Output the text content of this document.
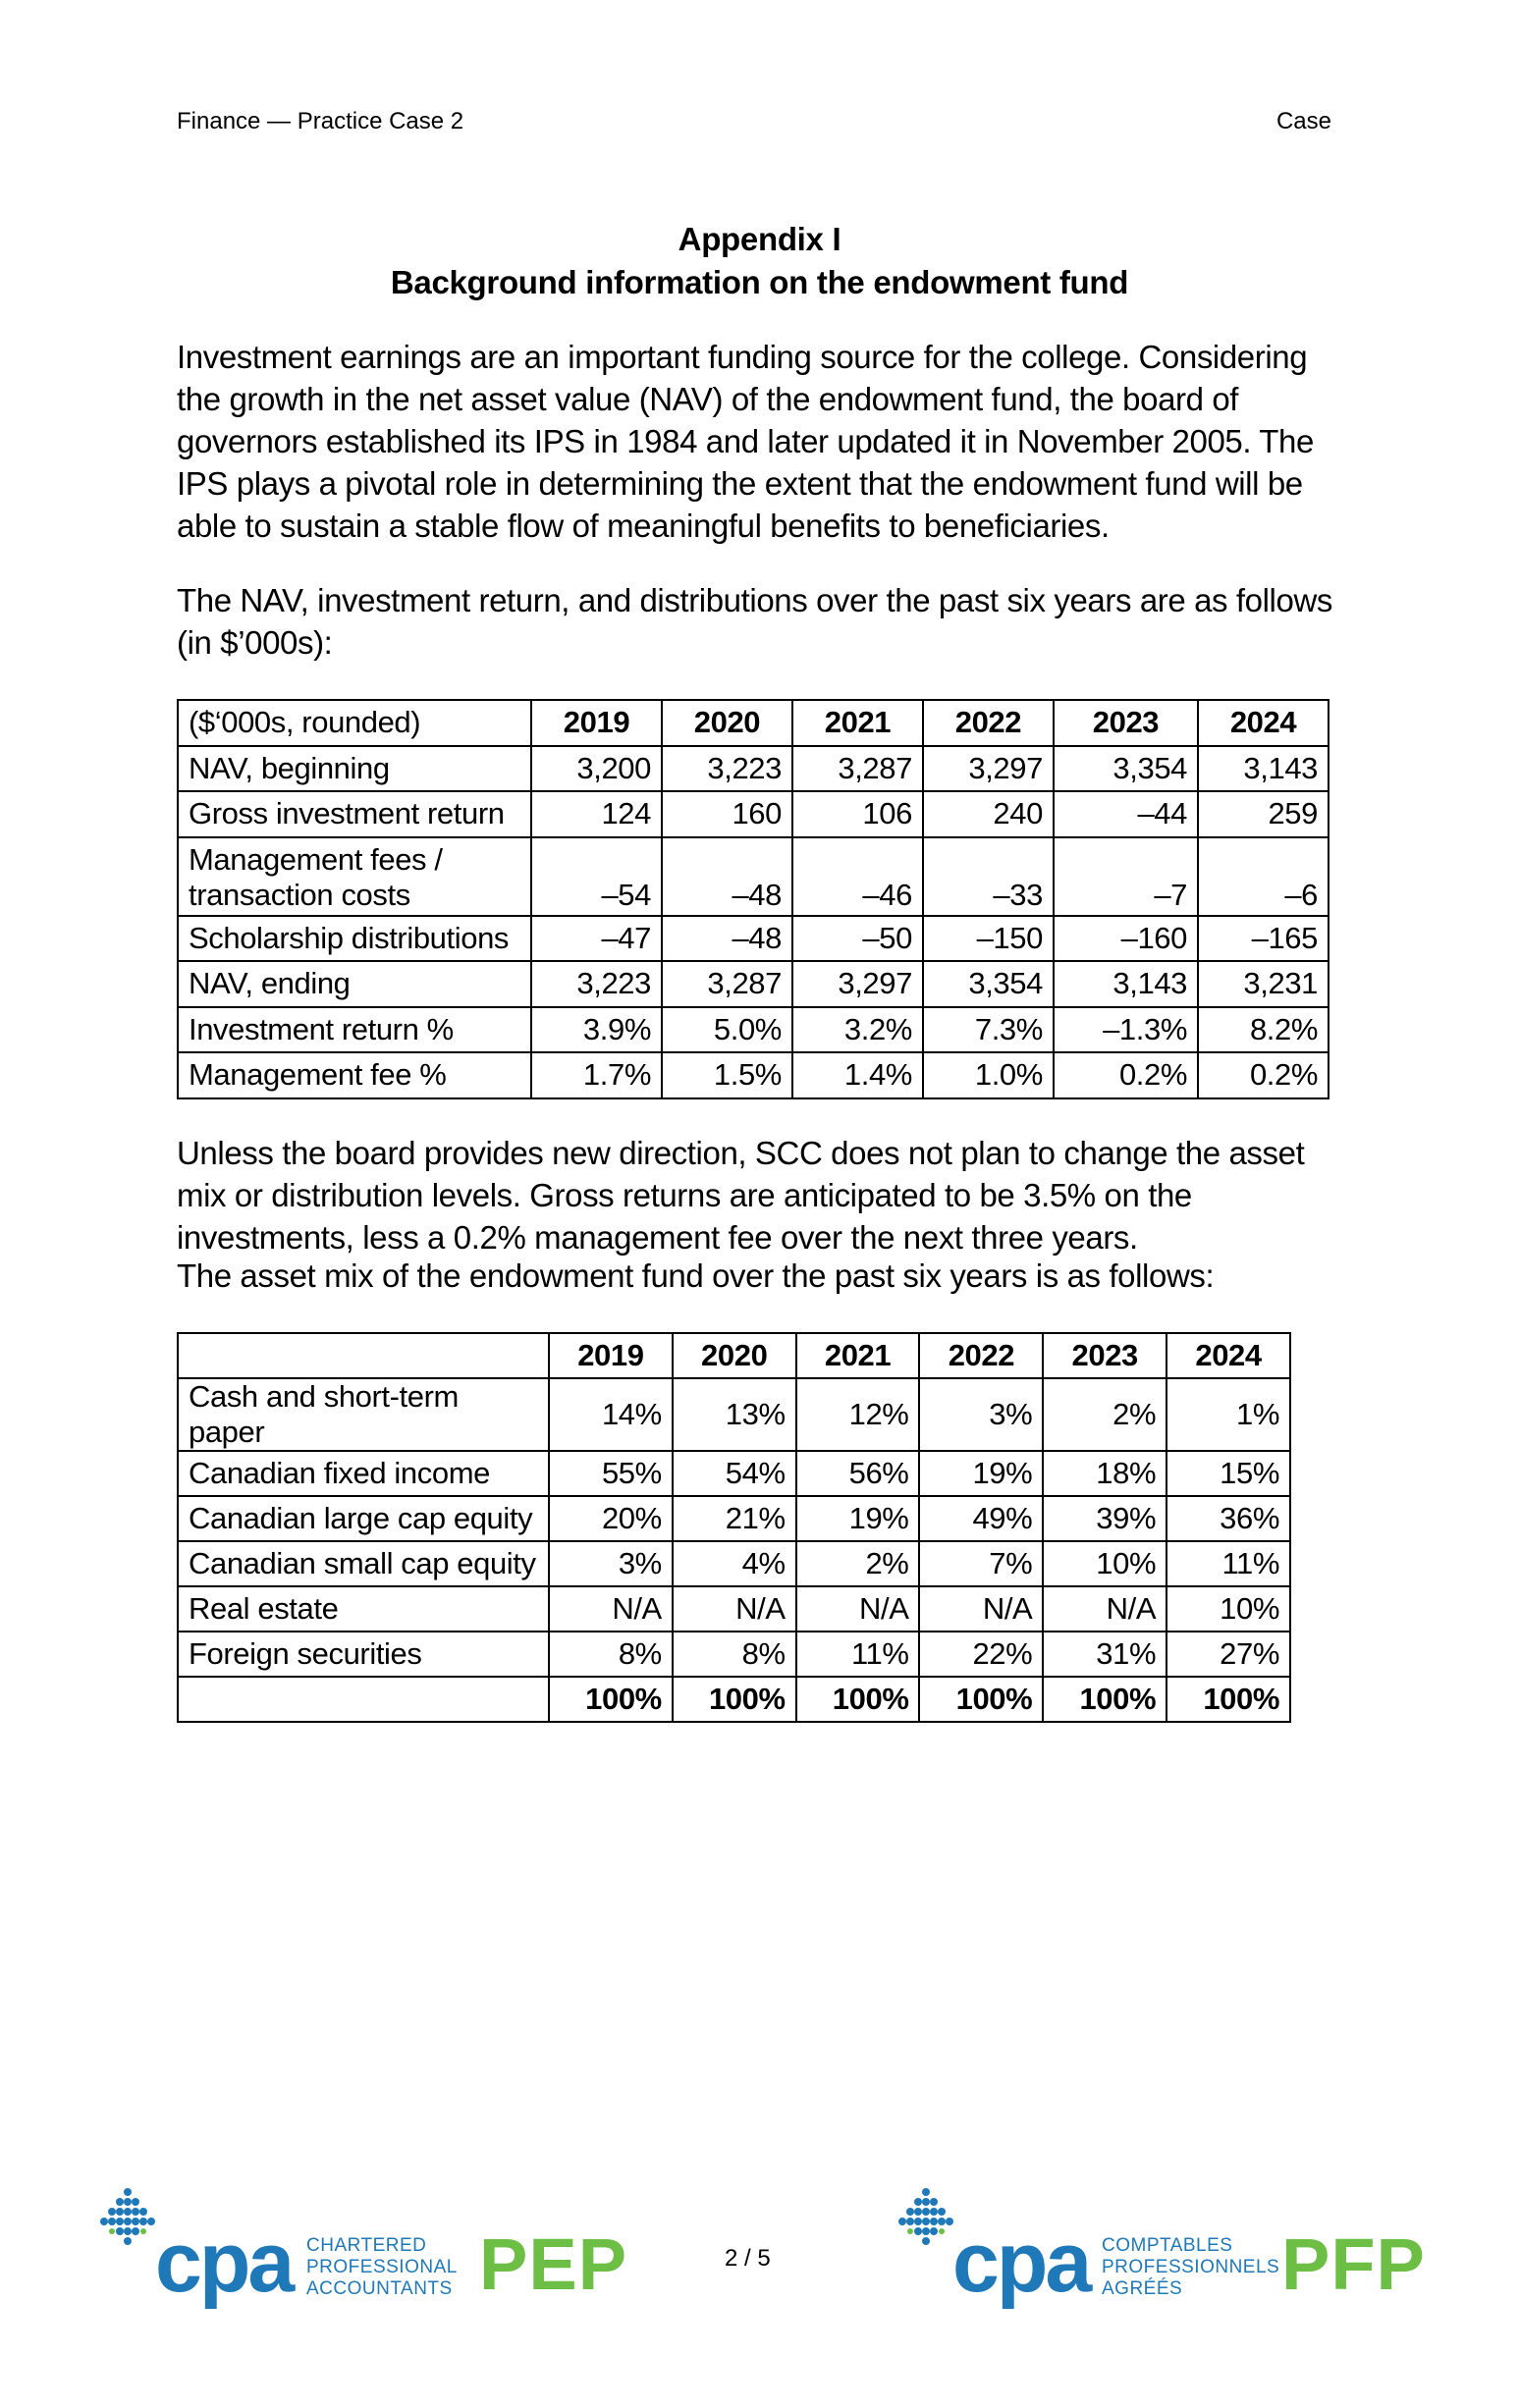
Finance — Practice Case 2	Case
Appendix I
Background information on the endowment fund
Investment earnings are an important funding source for the college. Considering the growth in the net asset value (NAV) of the endowment fund, the board of governors established its IPS in 1984 and later updated it in November 2005. The IPS plays a pivotal role in determining the extent that the endowment fund will be able to sustain a stable flow of meaningful benefits to beneficiaries.
The NAV, investment return, and distributions over the past six years are as follows (in $’000s):
($‘000s, rounded)	2019	2020	2021	2022	2023	2024
NAV, beginning	3,200	3,223	3,287	3,297	3,354	3,143
Gross investment return	124	160	106	240	–44	259

Management fees /
transaction costs	–54	–48	–46	–33	–7	–6
Scholarship distributions	–47	–48	–50	–150	–160	–165
NAV, ending	3,223	3,287	3,297	3,354	3,143	3,231
Investment return %	3.9%	5.0%	3.2%	7.3%	–1.3%	8.2%
Management fee %	1.7%	1.5%	1.4%	1.0%	0.2%	0.2%
Unless the board provides new direction, SCC does not plan to change the asset mix or distribution levels. Gross returns are anticipated to be 3.5% on the investments, less a 0.2% management fee over the next three years.
The asset mix of the endowment fund over the past six years is as follows:
	2019	2020	2021	2022	2023	2024
Cash and short-term paper	14%	13%	12%	3%	2%	1%
Canadian fixed income	55%	54%	56%	19%	18%	15%
Canadian large cap equity	20%	21%	19%	49%	39%	36%
Canadian small cap equity	3%	4%	2%	7%	10%	11%
Real estate	N/A	N/A	N/A	N/A	N/A	10%
Foreign securities	8%	8%	11%	22%	31%	27%
	100%	100%	100%	100%	100%	100%
cpa CHARTERED
PROFESSIONAL
ACCOUNTANTS PEP	2 / 5 cpa COMPTABLES
PROFESSIONNELS
AGRÉÉS	PFP
